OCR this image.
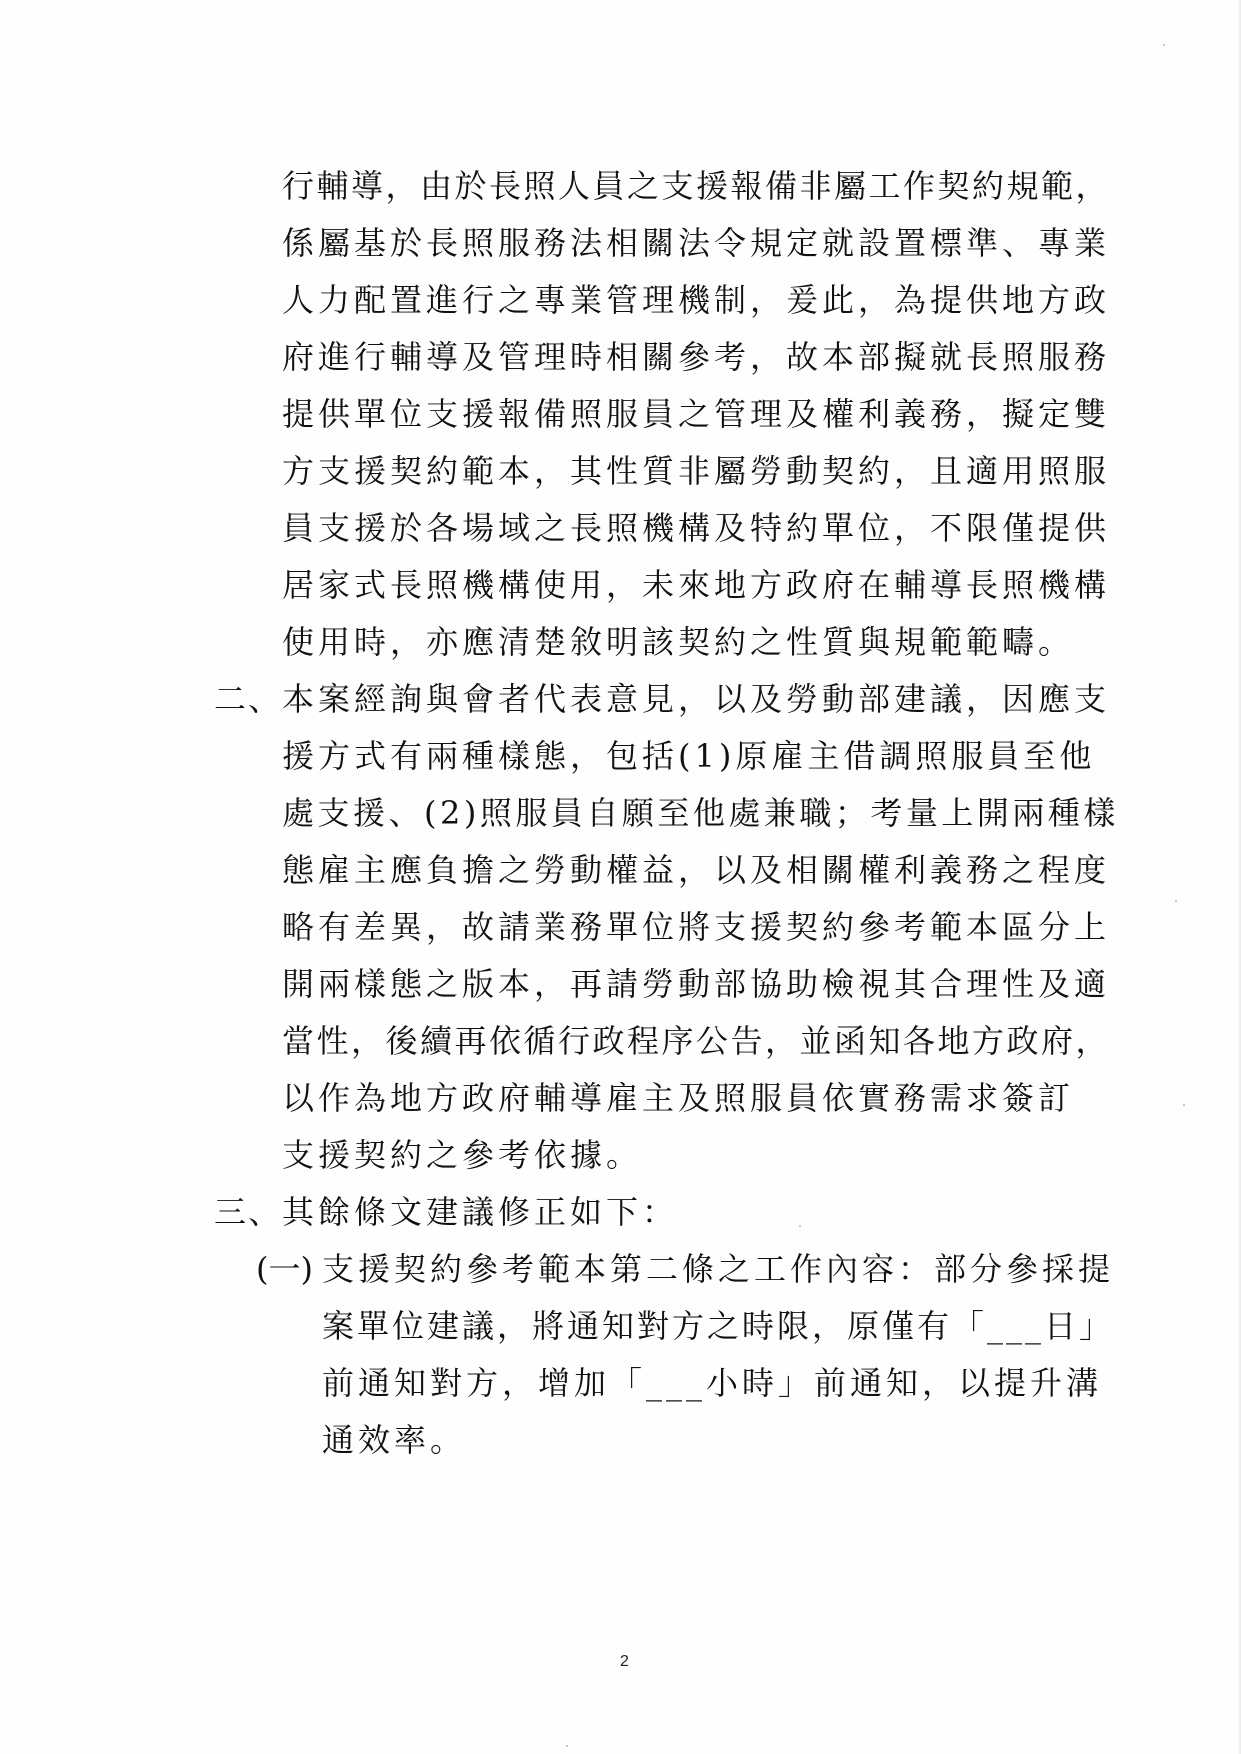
行輔導，由於長照人員之支援報備非屬工作契約規範，
係屬基於長照服務法相關法令規定就設置標準、專業
人力配置進行之專業管理機制，爰此，為提供地方政
府進行輔導及管理時相關參考，故本部擬就長照服務
提供單位支援報備照服員之管理及權利義務，擬定雙
方支援契約範本，其性質非屬勞動契約，且適用照服
員支援於各場域之長照機構及特約單位，不限僅提供
居家式長照機構使用，未來地方政府在輔導長照機構
使用時，亦應清楚敘明該契約之性質與規範範疇。
二、 本案經詢與會者代表意見，以及勞動部建議，因應支
援方式有兩種樣態，包括(1)原雇主借調照服員至他
處支援、(2)照服員自願至他處兼職；考量上開兩種樣
態雇主應負擔之勞動權益，以及相關權利義務之程度
略有差異，故請業務單位將支援契約參考範本區分上
開兩樣態之版本，再請勞動部協助檢視其合理性及適
當性，後續再依循行政程序公告，並函知各地方政府，
以作為地方政府輔導雇主及照服員依實務需求簽訂
支援契約之參考依據。
三、 其餘條文建議修正如下：
(一) 支援契約參考範本第二條之工作內容：部分參採提
案單位建議，將通知對方之時限，原僅有「___日」
前通知對方，增加「___小時」前通知，以提升溝
通效率。
2
